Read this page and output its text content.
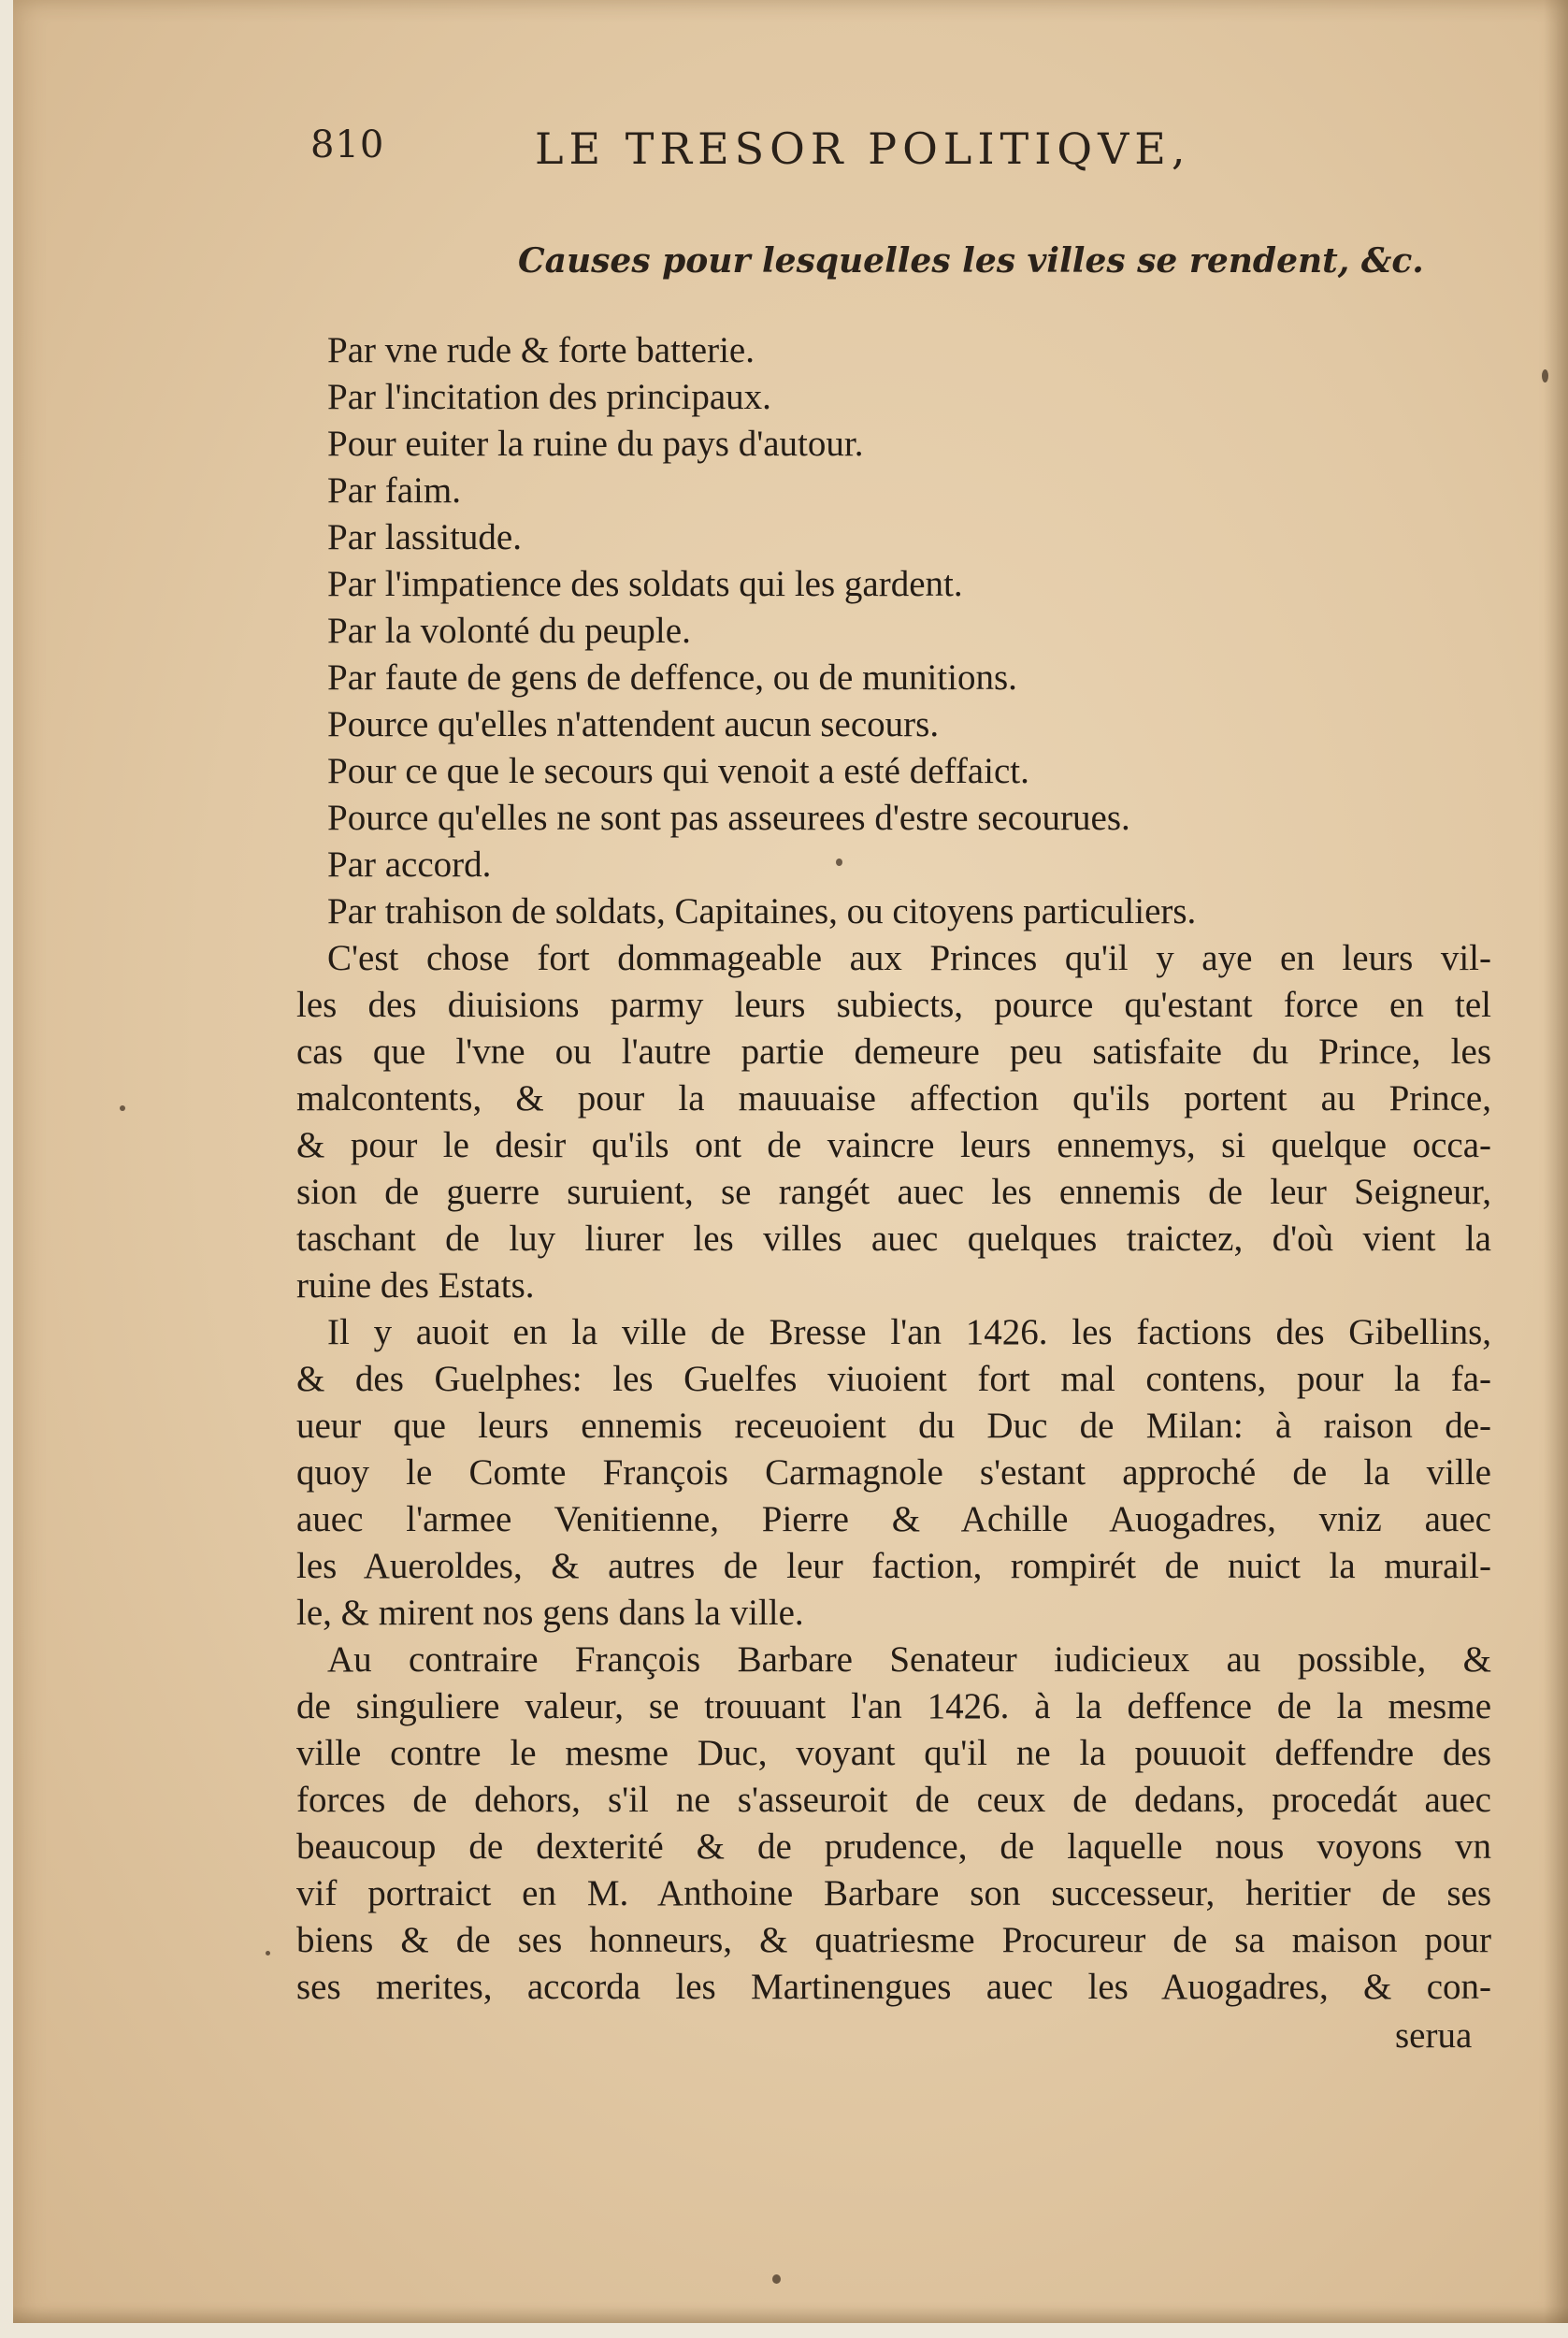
810	LE TRESOR POLITIQVE,
Causes pour lesquelles les villes se rendent, &c.
Par vne rude & forte batterie.
Par l'incitation des principaux.
Pour euiter la ruine du pays d'autour.
Par faim.
Par lassitude.
Par l'impatience des soldats qui les gardent.
Par la volonté du peuple.
Par faute de gens de deffence, ou de munitions.
Pource qu'elles n'attendent aucun secours.
Pour ce que le secours qui venoit a esté deffaict.
Pource qu'elles ne sont pas asseurees d'estre secourues.
Par accord.
Par trahison de soldats, Capitaines, ou citoyens particuliers.
C'est chose fort dommageable aux Princes qu'il y aye en leurs vil-
les des diuisions parmy leurs subiects, pource qu'estant force en tel
cas que l'vne ou l'autre partie demeure peu satisfaite du Prince, les
malcontents, & pour la mauuaise affection qu'ils portent au Prince,
& pour le desir qu'ils ont de vaincre leurs ennemys, si quelque occa-
sion de guerre suruient, se rangét auec les ennemis de leur Seigneur,
taschant de luy liurer les villes auec quelques traictez, d'où vient la
ruine des Estats.
Il y auoit en la ville de Bresse l'an 1426. les factions des Gibellins,
& des Guelphes: les Guelfes viuoient fort mal contens, pour la fa-
ueur que leurs ennemis receuoient du Duc de Milan: à raison de-
quoy le Comte François Carmagnole s'estant approché de la ville
auec l'armee Venitienne, Pierre & Achille Auogadres, vniz auec
les Aueroldes, & autres de leur faction, rompirét de nuict la murail-
le, & mirent nos gens dans la ville.
Au contraire François Barbare Senateur iudicieux au possible, &
de singuliere valeur, se trouuant l'an 1426. à la deffence de la mesme
ville contre le mesme Duc, voyant qu'il ne la pouuoit deffendre des
forces de dehors, s'il ne s'asseuroit de ceux de dedans, procedát auec
beaucoup de dexterité & de prudence, de laquelle nous voyons vn
vif portraict en M. Anthoine Barbare son successeur, heritier de ses
biens & de ses honneurs, & quatriesme Procureur de sa maison pour
ses merites, accorda les Martinengues auec les Auogadres, & con-
serua
